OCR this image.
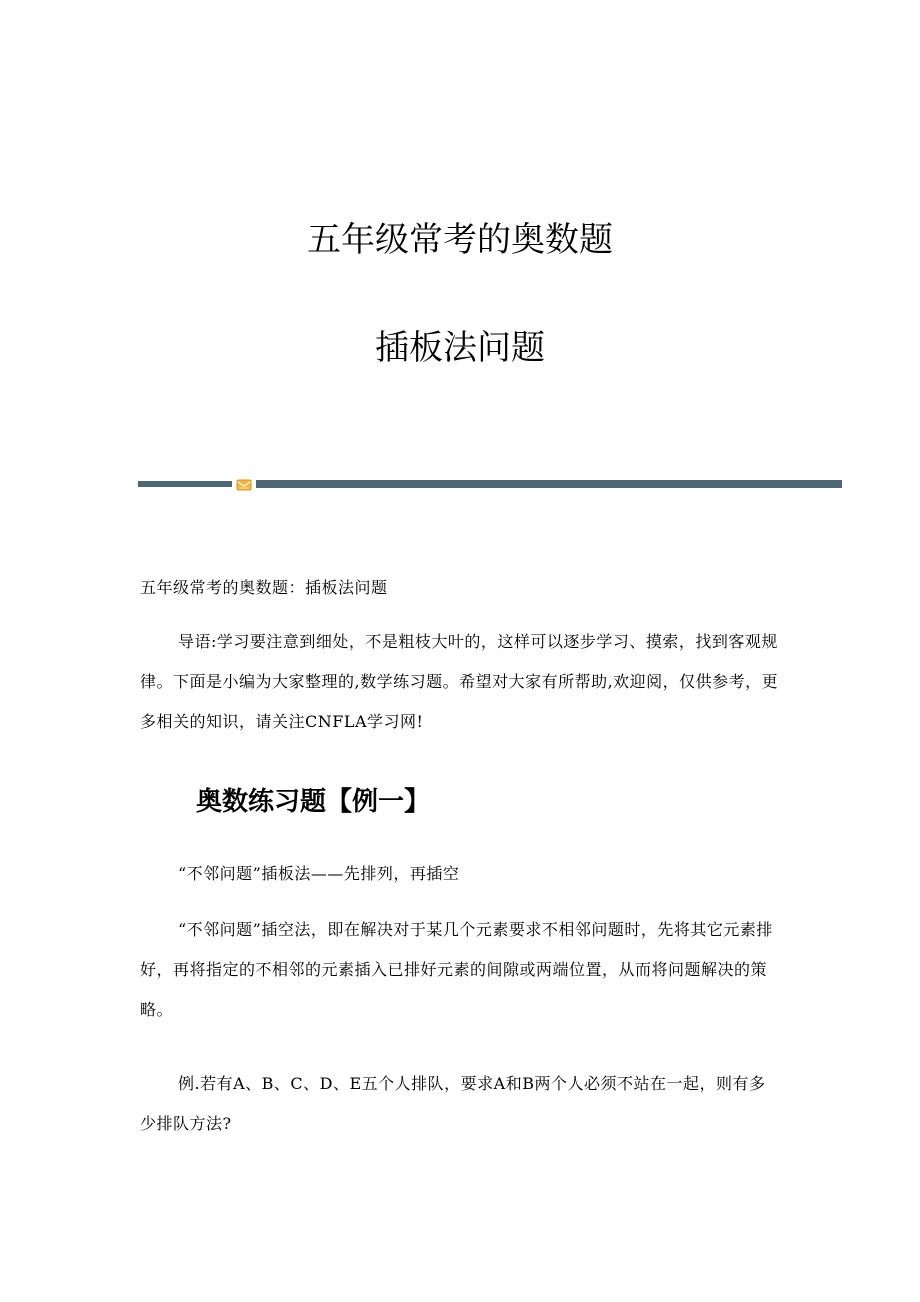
五年级常考的奥数题
插板法问题

五年级常考的奥数题：插板法问题

导语:学习要注意到细处，不是粗枝大叶的，这样可以逐步学习、摸索，找到客观规律。下面是小编为大家整理的,数学练习题。希望对大家有所帮助,欢迎阅，仅供参考，更多相关的知识，请关注CNFLA学习网!

奥数练习题【例一】

“不邻问题”插板法——先排列，再插空

“不邻问题”插空法，即在解决对于某几个元素要求不相邻问题时，先将其它元素排好，再将指定的不相邻的元素插入已排好元素的间隙或两端位置，从而将问题解决的策略。

例.若有A、B、C、D、E五个人排队，要求A和B两个人必须不站在一起，则有多少排队方法?
